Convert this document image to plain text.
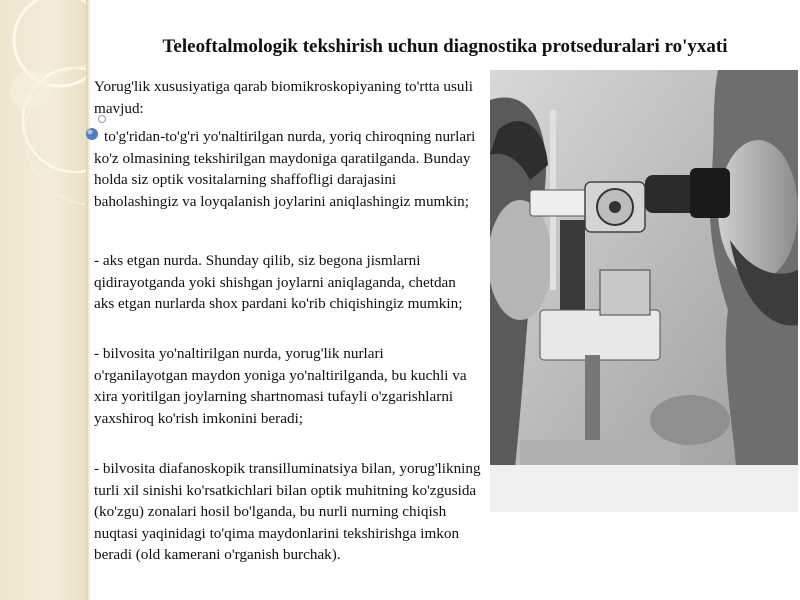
Teleoftalmologik tekshirish uchun diagnostika protseduralari ro'yxati

Yorug'lik xususiyatiga qarab biomikroskopiyaning to'rtta usuli mavjud:

to'g'ridan-to'g'ri yo'naltirilgan nurda, yoriq chiroqning nurlari ko'z olmasining tekshirilgan maydoniga qaratilganda. Bunday holda siz optik vositalarning shaffofligi darajasini baholashingiz va loyqalanish joylarini aniqlashingiz mumkin;

- aks etgan nurda. Shunday qilib, siz begona jismlarni qidirayotganda yoki shishgan joylarni aniqlaganda, chetdan aks etgan nurlarda shox pardani ko'rib chiqishingiz mumkin;

- bilvosita yo'naltirilgan nurda, yorug'lik nurlari o'rganilayotgan maydon yoniga yo'naltirilganda, bu kuchli va xira yoritilgan joylarning shartnomasi tufayli o'zgarishlarni yaxshiroq ko'rish imkonini beradi;

- bilvosita diafanoskopik transilluminatsiya bilan, yorug'likning turli xil sinishi ko'rsatkichlari bilan optik muhitning ko'zgusida (ko'zgu) zonalari hosil bo'lganda, bu nurli nurning chiqish nuqtasi yaqinidagi to'qima maydonlarini tekshirishga imkon beradi (old kamerani o'rganish burchak).
